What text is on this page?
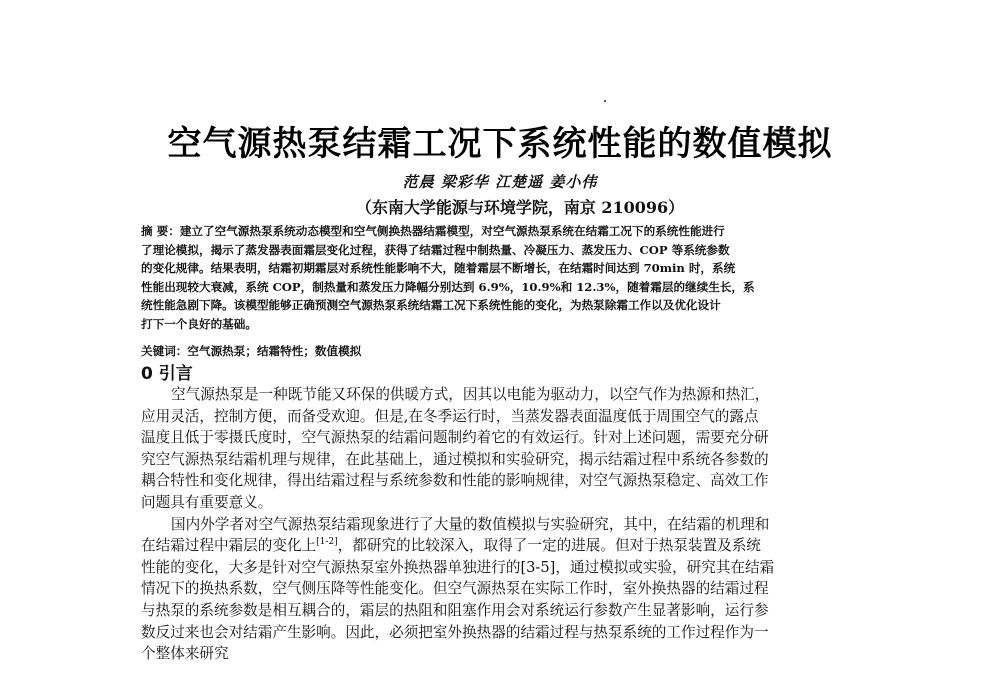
空气源热泵结霜工况下系统性能的数值模拟
范晨 梁彩华 江楚遥 姜小伟
（东南大学能源与环境学院，南京 210096）
摘 要：建立了空气源热泵系统动态模型和空气侧换热器结霜模型，对空气源热泵系统在结霜工况下的系统性能进行
了理论模拟，揭示了蒸发器表面霜层变化过程，获得了结霜过程中制热量、冷凝压力、蒸发压力、COP 等系统参数
的变化规律。结果表明，结霜初期霜层对系统性能影响不大，随着霜层不断增长，在结霜时间达到 70min 时，系统
性能出现较大衰减，系统 COP，制热量和蒸发压力降幅分别达到 6.9%，10.9%和 12.3%，随着霜层的继续生长，系
统性能急剧下降。该模型能够正确预测空气源热泵系统结霜工况下系统性能的变化，为热泵除霜工作以及优化设计
打下一个良好的基础。
关键词：空气源热泵；结霜特性；数值模拟
0 引言
空气源热泵是一种既节能又环保的供暖方式，因其以电能为驱动力，以空气作为热源和热汇，
应用灵活，控制方便，而备受欢迎。但是,在冬季运行时，当蒸发器表面温度低于周围空气的露点
温度且低于零摄氏度时，空气源热泵的结霜问题制约着它的有效运行。针对上述问题，需要充分研
究空气源热泵结霜机理与规律，在此基础上，通过模拟和实验研究，揭示结霜过程中系统各参数的
耦合特性和变化规律，得出结霜过程与系统参数和性能的影响规律，对空气源热泵稳定、高效工作
问题具有重要意义。
国内外学者对空气源热泵结霜现象进行了大量的数值模拟与实验研究，其中，在结霜的机理和
在结霜过程中霜层的变化上[1-2]，都研究的比较深入，取得了一定的进展。但对于热泵装置及系统
性能的变化，大多是针对空气源热泵室外换热器单独进行的[3-5]，通过模拟或实验，研究其在结霜
情况下的换热系数，空气侧压降等性能变化。但空气源热泵在实际工作时，室外换热器的结霜过程
与热泵的系统参数是相互耦合的，霜层的热阻和阻塞作用会对系统运行参数产生显著影响，运行参
数反过来也会对结霜产生影响。因此，必须把室外换热器的结霜过程与热泵系统的工作过程作为一
个整体来研究
